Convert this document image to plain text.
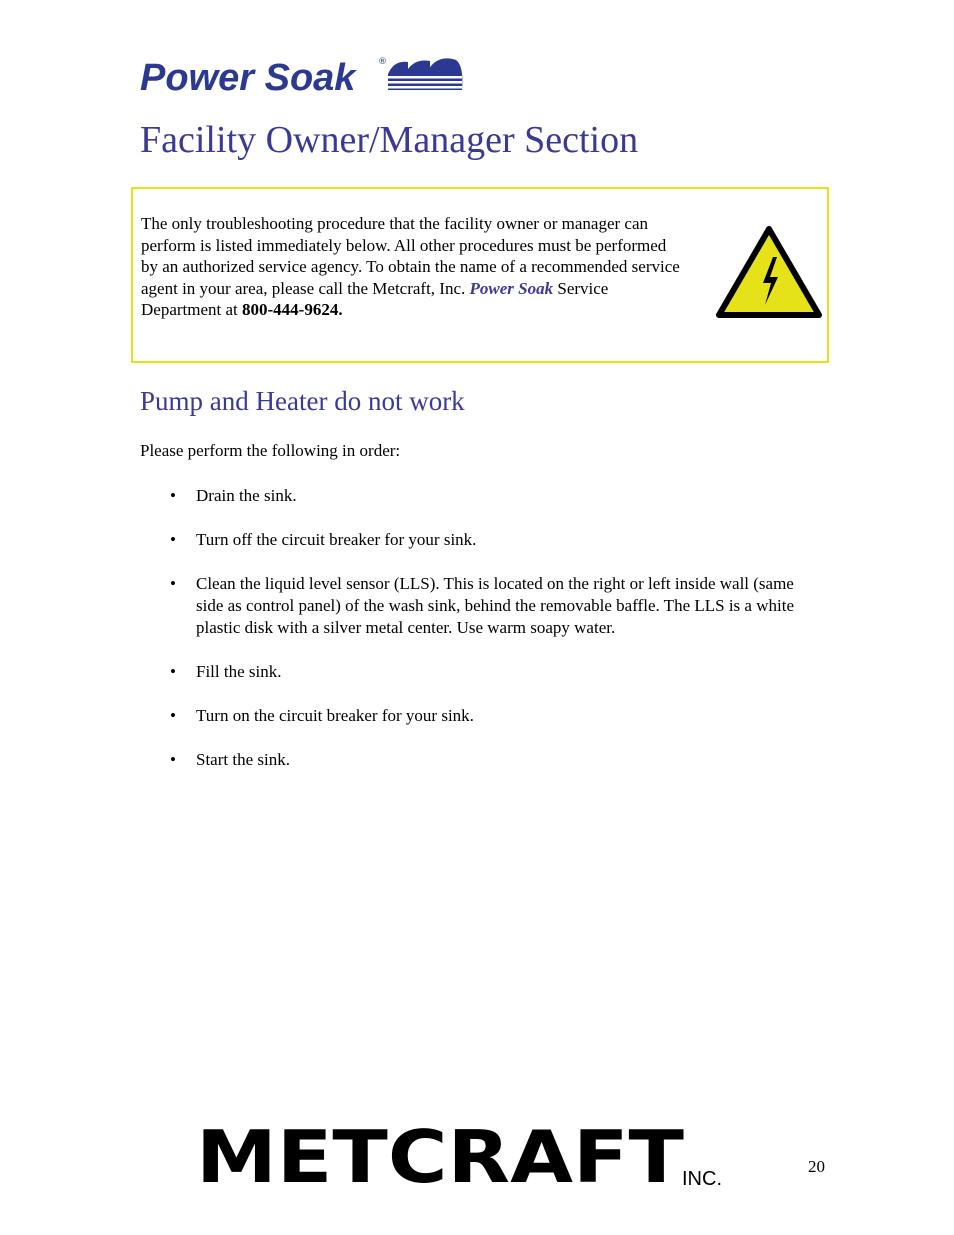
Power Soak	®
Facility Owner/Manager Section
The only troubleshooting procedure that the facility owner or manager can perform is listed immediately below. All other procedures must be performed by an authorized service agency. To obtain the name of a recommended service agent in your area, please call the Metcraft, Inc. Power Soak Service Department at 800-444-9624.
Pump and Heater do not work
Please perform the following in order:
• Drain the sink.
• Turn off the circuit breaker for your sink.
• Clean the liquid level sensor (LLS). This is located on the right or left inside wall (same side as control panel) of the wash sink, behind the removable baffle. The LLS is a white plastic disk with a silver metal center. Use warm soapy water.
• Fill the sink.
• Turn on the circuit breaker for your sink.
• Start the sink.
METCRAFT
INC.
20
